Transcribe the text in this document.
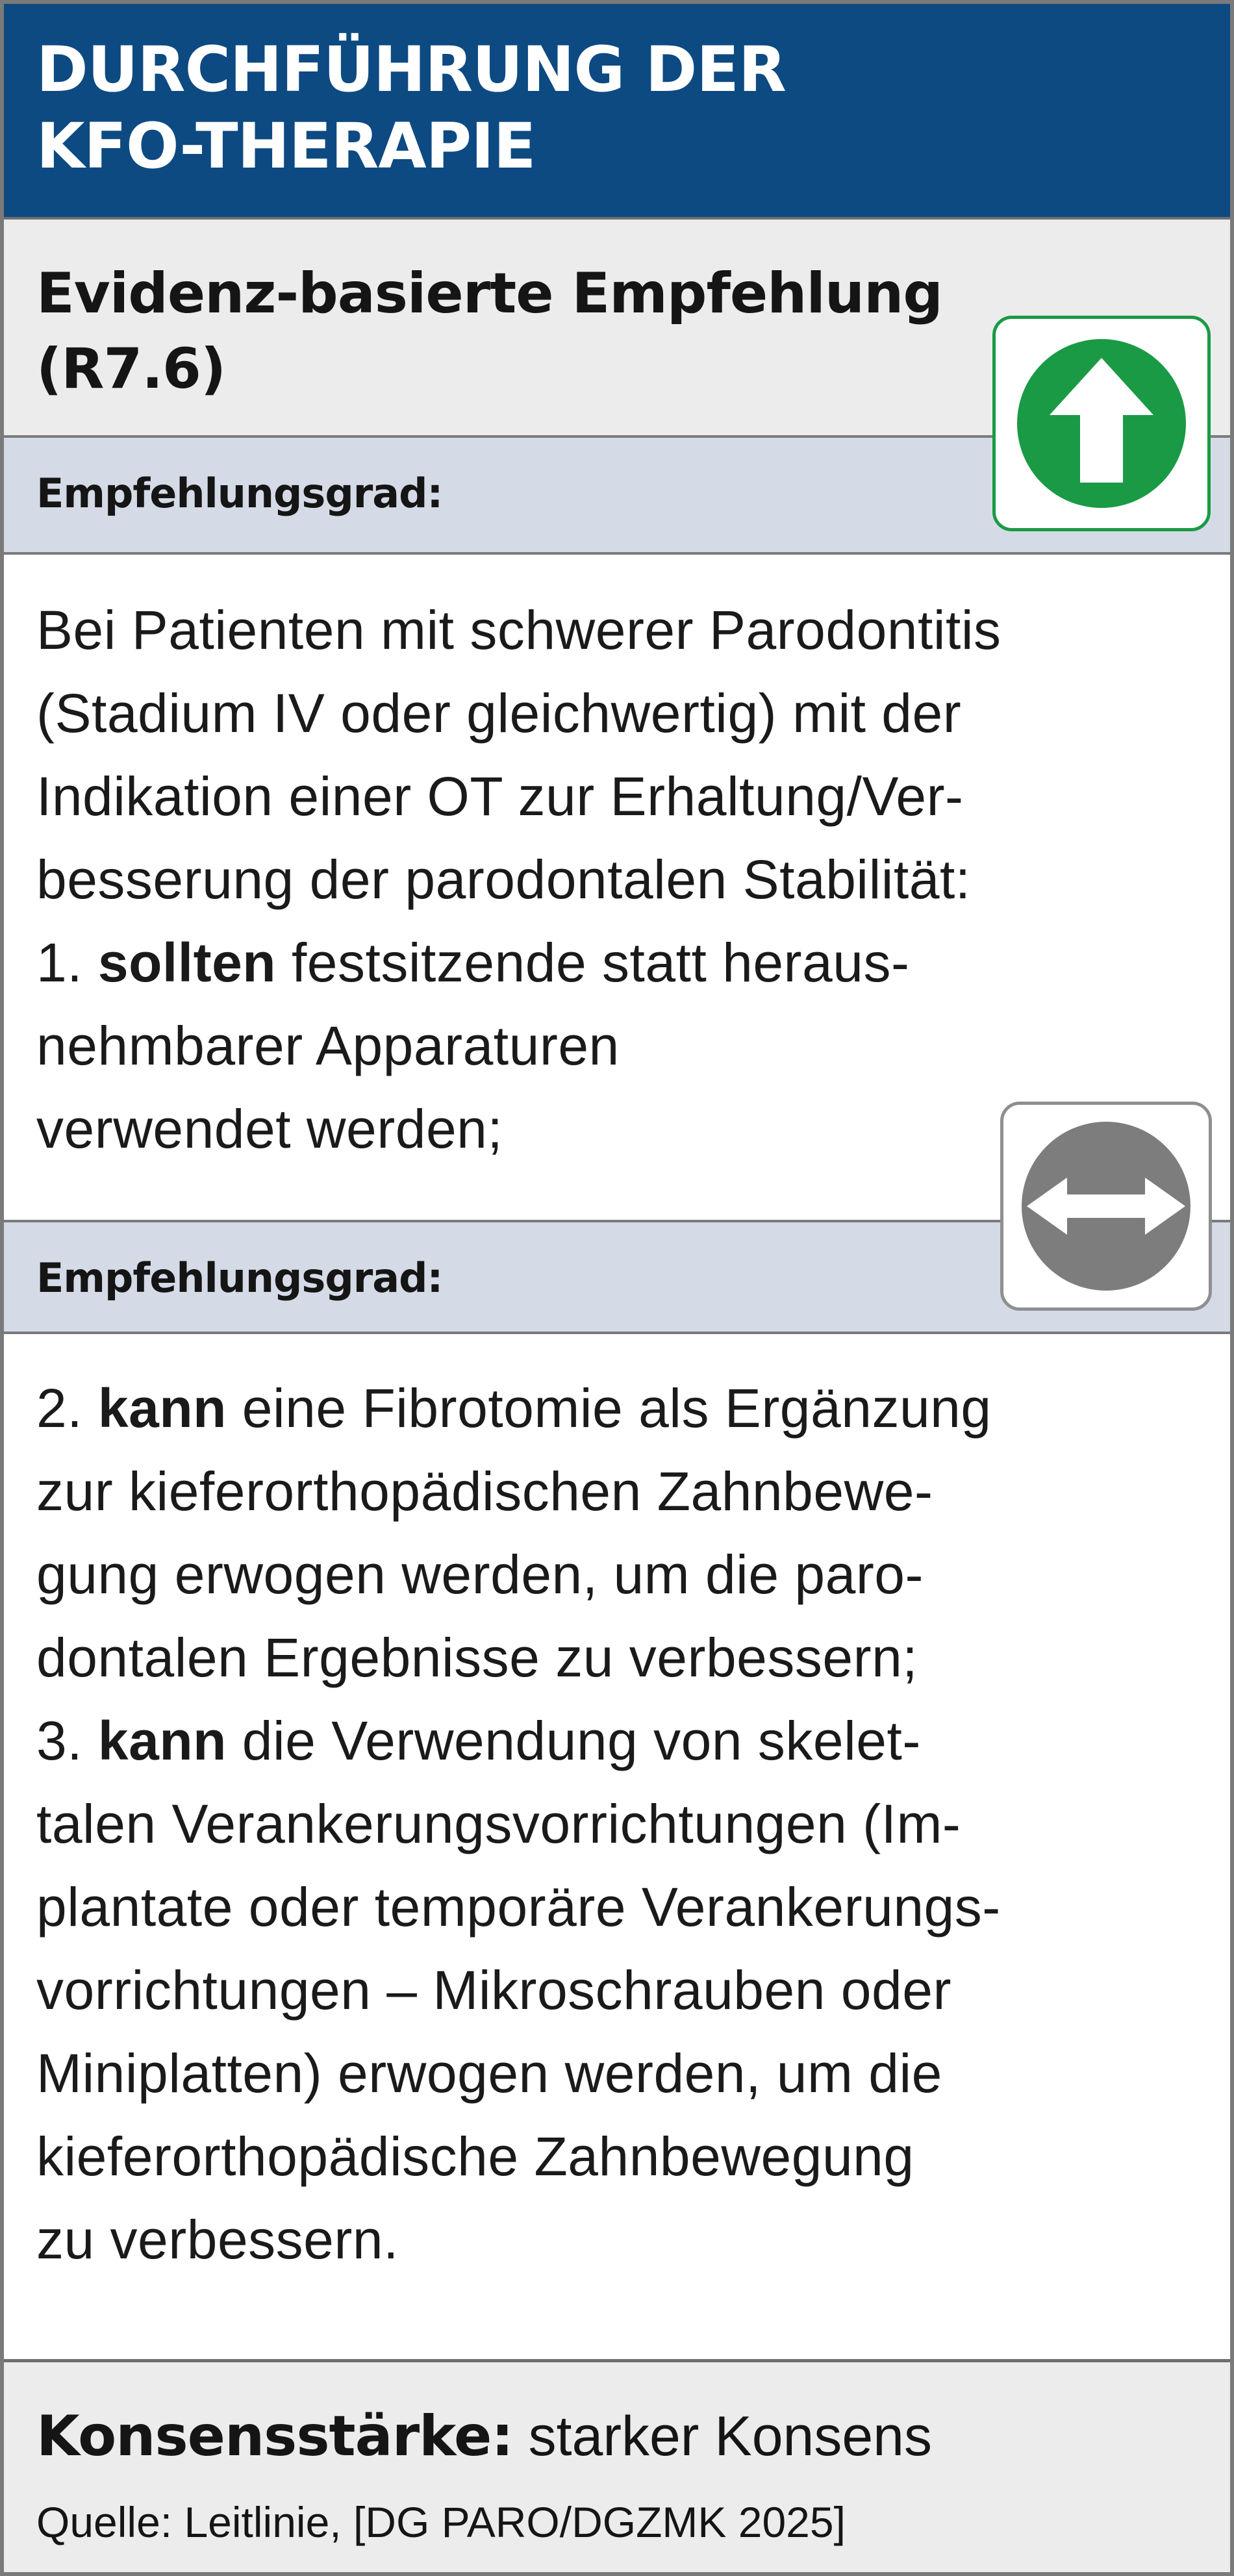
DURCHFÜHRUNG DER
KFO-THERAPIE
Evidenz-basierte Empfehlung
(R7.6)

Empfehlungsgrad:

Bei Patienten mit schwerer Parodontitis
(Stadium IV oder gleichwertig) mit der
Indikation einer OT zur Erhaltung/Ver-
besserung der parodontalen Stabilität:
1. sollten festsitzende statt heraus-
nehmbarer Apparaturen
verwendet werden;

Empfehlungsgrad:

2. kann eine Fibrotomie als Ergänzung
zur kieferorthopädischen Zahnbewe-
gung erwogen werden, um die paro-
dontalen Ergebnisse zu verbessern;
3. kann die Verwendung von skelet-
talen Verankerungsvorrichtungen (Im-
plantate oder temporäre Verankerungs-
vorrichtungen – Mikroschrauben oder
Miniplatten) erwogen werden, um die
kieferorthopädische Zahnbewegung
zu verbessern.

Konsensstärke: starker Konsens

Quelle: Leitlinie, [DG PARO/DGZMK 2025]
